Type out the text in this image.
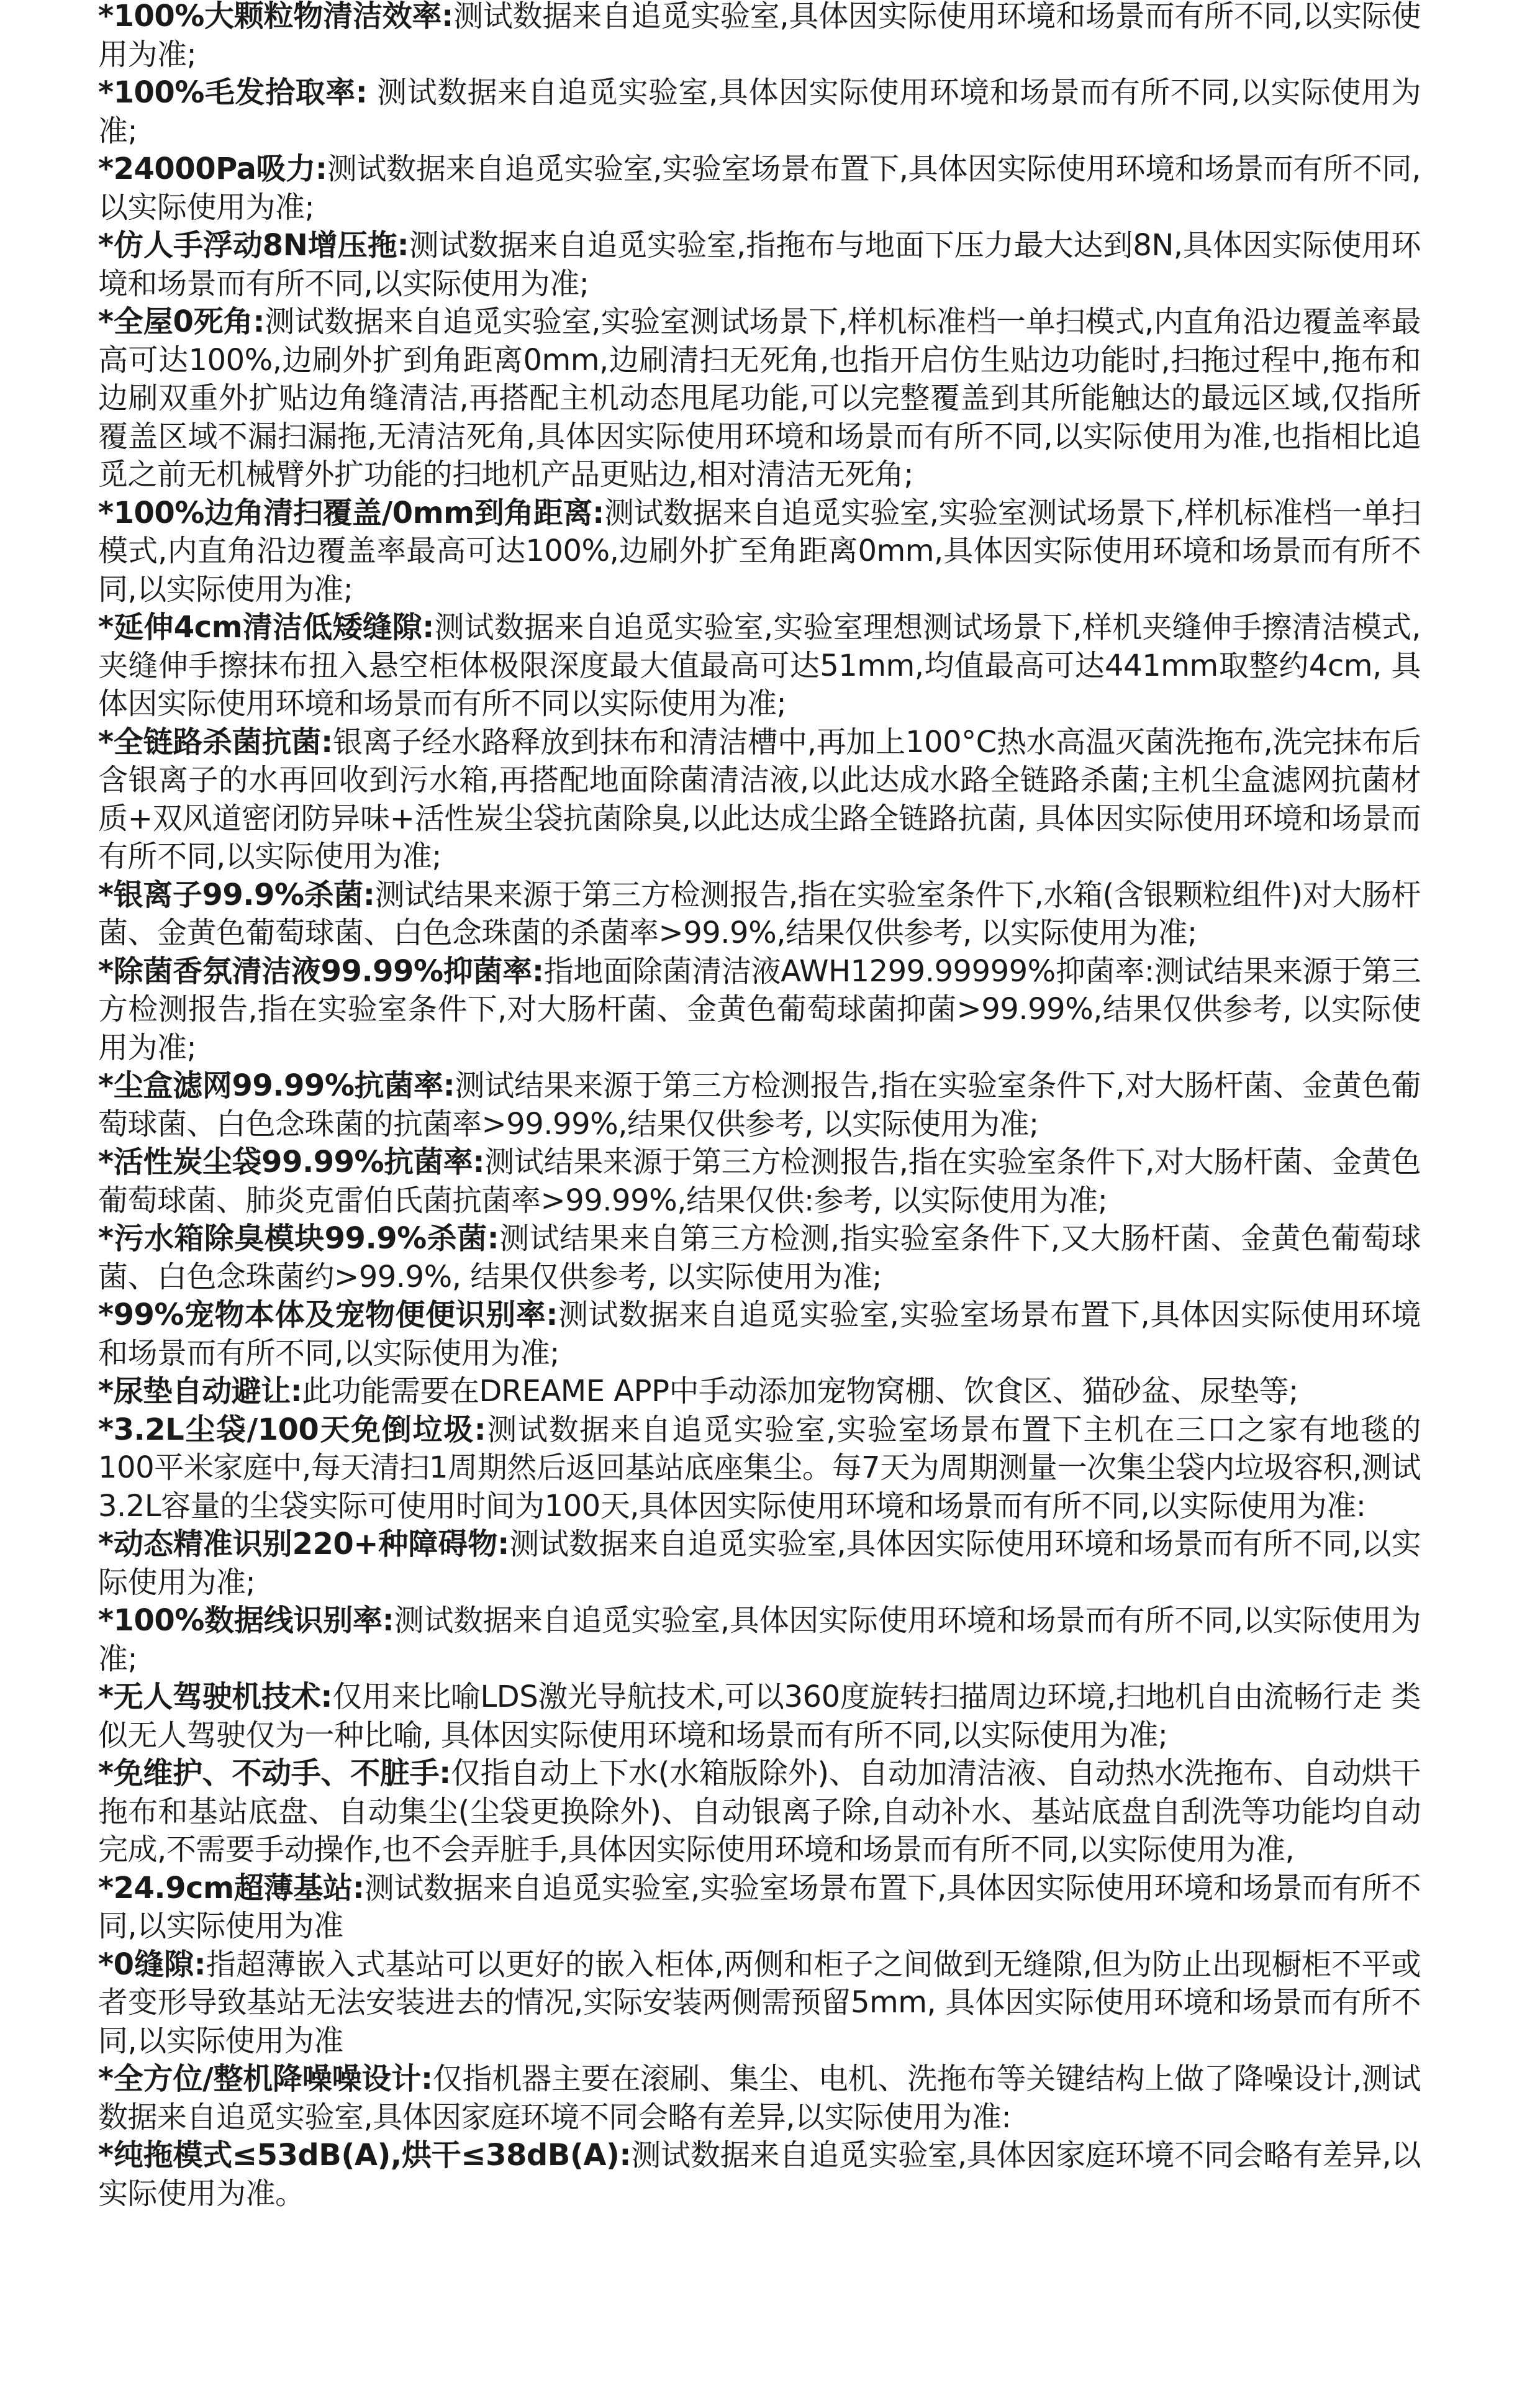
*100%大颗粒物清洁效率:测试数据来自追觅实验室,具体因实际使用环境和场景而有所不同,以实际使用为准;

*100%毛发拾取率: 测试数据来自追觅实验室,具体因实际使用环境和场景而有所不同,以实际使用为准;

*24000Pa吸力:测试数据来自追觅实验室,实验室场景布置下,具体因实际使用环境和场景而有所不同,以实际使用为准;

*仿人手浮动8N增压拖:测试数据来自追觅实验室,指拖布与地面下压力最大达到8N,具体因实际使用环境和场景而有所不同,以实际使用为准;

*全屋0死角:测试数据来自追觅实验室,实验室测试场景下,样机标准档一单扫模式,内直角沿边覆盖率最高可达100%,边刷外扩到角距离0mm,边刷清扫无死角,也指开启仿生贴边功能时,扫拖过程中,拖布和边刷双重外扩贴边角缝清洁,再搭配主机动态甩尾功能,可以完整覆盖到其所能触达的最远区域,仅指所覆盖区域不漏扫漏拖,无清洁死角,具体因实际使用环境和场景而有所不同,以实际使用为准,也指相比追觅之前无机械臂外扩功能的扫地机产品更贴边,相对清洁无死角;

*100%边角清扫覆盖/0mm到角距离:测试数据来自追觅实验室,实验室测试场景下,样机标准档一单扫模式,内直角沿边覆盖率最高可达100%,边刷外扩至角距离0mm,具体因实际使用环境和场景而有所不同,以实际使用为准;

*延伸4cm清洁低矮缝隙:测试数据来自追觅实验室,实验室理想测试场景下,样机夹缝伸手擦清洁模式,夹缝伸手擦抹布扭入悬空柜体极限深度最大值最高可达51mm,均值最高可达441mm取整约4cm, 具体因实际使用环境和场景而有所不同以实际使用为准;

*全链路杀菌抗菌:银离子经水路释放到抹布和清洁槽中,再加上100°C热水高温灭菌洗拖布,洗完抹布后含银离子的水再回收到污水箱,再搭配地面除菌清洁液,以此达成水路全链路杀菌;主机尘盒滤网抗菌材质+双风道密闭防异味+活性炭尘袋抗菌除臭,以此达成尘路全链路抗菌, 具体因实际使用环境和场景而有所不同,以实际使用为准;

*银离子99.9%杀菌:测试结果来源于第三方检测报告,指在实验室条件下,水箱(含银颗粒组件)对大肠杆菌、金黄色葡萄球菌、白色念珠菌的杀菌率>99.9%,结果仅供参考, 以实际使用为准;

*除菌香氛清洁液99.99%抑菌率:指地面除菌清洁液AWH1299.99999%抑菌率:测试结果来源于第三方检测报告,指在实验室条件下,对大肠杆菌、金黄色葡萄球菌抑菌>99.99%,结果仅供参考, 以实际使用为准;

*尘盒滤网99.99%抗菌率:测试结果来源于第三方检测报告,指在实验室条件下,对大肠杆菌、金黄色葡萄球菌、白色念珠菌的抗菌率>99.99%,结果仅供参考, 以实际使用为准;

*活性炭尘袋99.99%抗菌率:测试结果来源于第三方检测报告,指在实验室条件下,对大肠杆菌、金黄色葡萄球菌、肺炎克雷伯氏菌抗菌率>99.99%,结果仅供:参考, 以实际使用为准;

*污水箱除臭模块99.9%杀菌:测试结果来自第三方检测,指实验室条件下,又大肠杆菌、金黄色葡萄球菌、白色念珠菌约>99.9%, 结果仅供参考, 以实际使用为准;

*99%宠物本体及宠物便便识别率:测试数据来自追觅实验室,实验室场景布置下,具体因实际使用环境和场景而有所不同,以实际使用为准;

*尿垫自动避让:此功能需要在DREAME APP中手动添加宠物窝棚、饮食区、猫砂盆、尿垫等;

*3.2L尘袋/100天免倒垃圾:测试数据来自追觅实验室,实验室场景布置下主机在三口之家有地毯的100平米家庭中,每天清扫1周期然后返回基站底座集尘。每7天为周期测量一次集尘袋内垃圾容积,测试3.2L容量的尘袋实际可使用时间为100天,具体因实际使用环境和场景而有所不同,以实际使用为准:

*动态精准识别220+种障碍物:测试数据来自追觅实验室,具体因实际使用环境和场景而有所不同,以实际使用为准;

*100%数据线识别率:测试数据来自追觅实验室,具体因实际使用环境和场景而有所不同,以实际使用为准;

*无人驾驶机技术:仅用来比喻LDS激光导航技术,可以360度旋转扫描周边环境,扫地机自由流畅行走 类似无人驾驶仅为一种比喻, 具体因实际使用环境和场景而有所不同,以实际使用为准;

*免维护、不动手、不脏手:仅指自动上下水(水箱版除外)、自动加清洁液、自动热水洗拖布、自动烘干拖布和基站底盘、自动集尘(尘袋更换除外)、自动银离子除,自动补水、基站底盘自刮洗等功能均自动完成,不需要手动操作,也不会弄脏手,具体因实际使用环境和场景而有所不同,以实际使用为准,

*24.9cm超薄基站:测试数据来自追觅实验室,实验室场景布置下,具体因实际使用环境和场景而有所不同,以实际使用为准

*0缝隙:指超薄嵌入式基站可以更好的嵌入柜体,两侧和柜子之间做到无缝隙,但为防止出现橱柜不平或者变形导致基站无法安装进去的情况,实际安装两侧需预留5mm, 具体因实际使用环境和场景而有所不同,以实际使用为准

*全方位/整机降噪噪设计:仅指机器主要在滚刷、集尘、电机、洗拖布等关键结构上做了降噪设计,测试数据来自追觅实验室,具体因家庭环境不同会略有差异,以实际使用为准:

*纯拖模式≤53dB(A),烘干≤38dB(A):测试数据来自追觅实验室,具体因家庭环境不同会略有差异,以实际使用为准。
